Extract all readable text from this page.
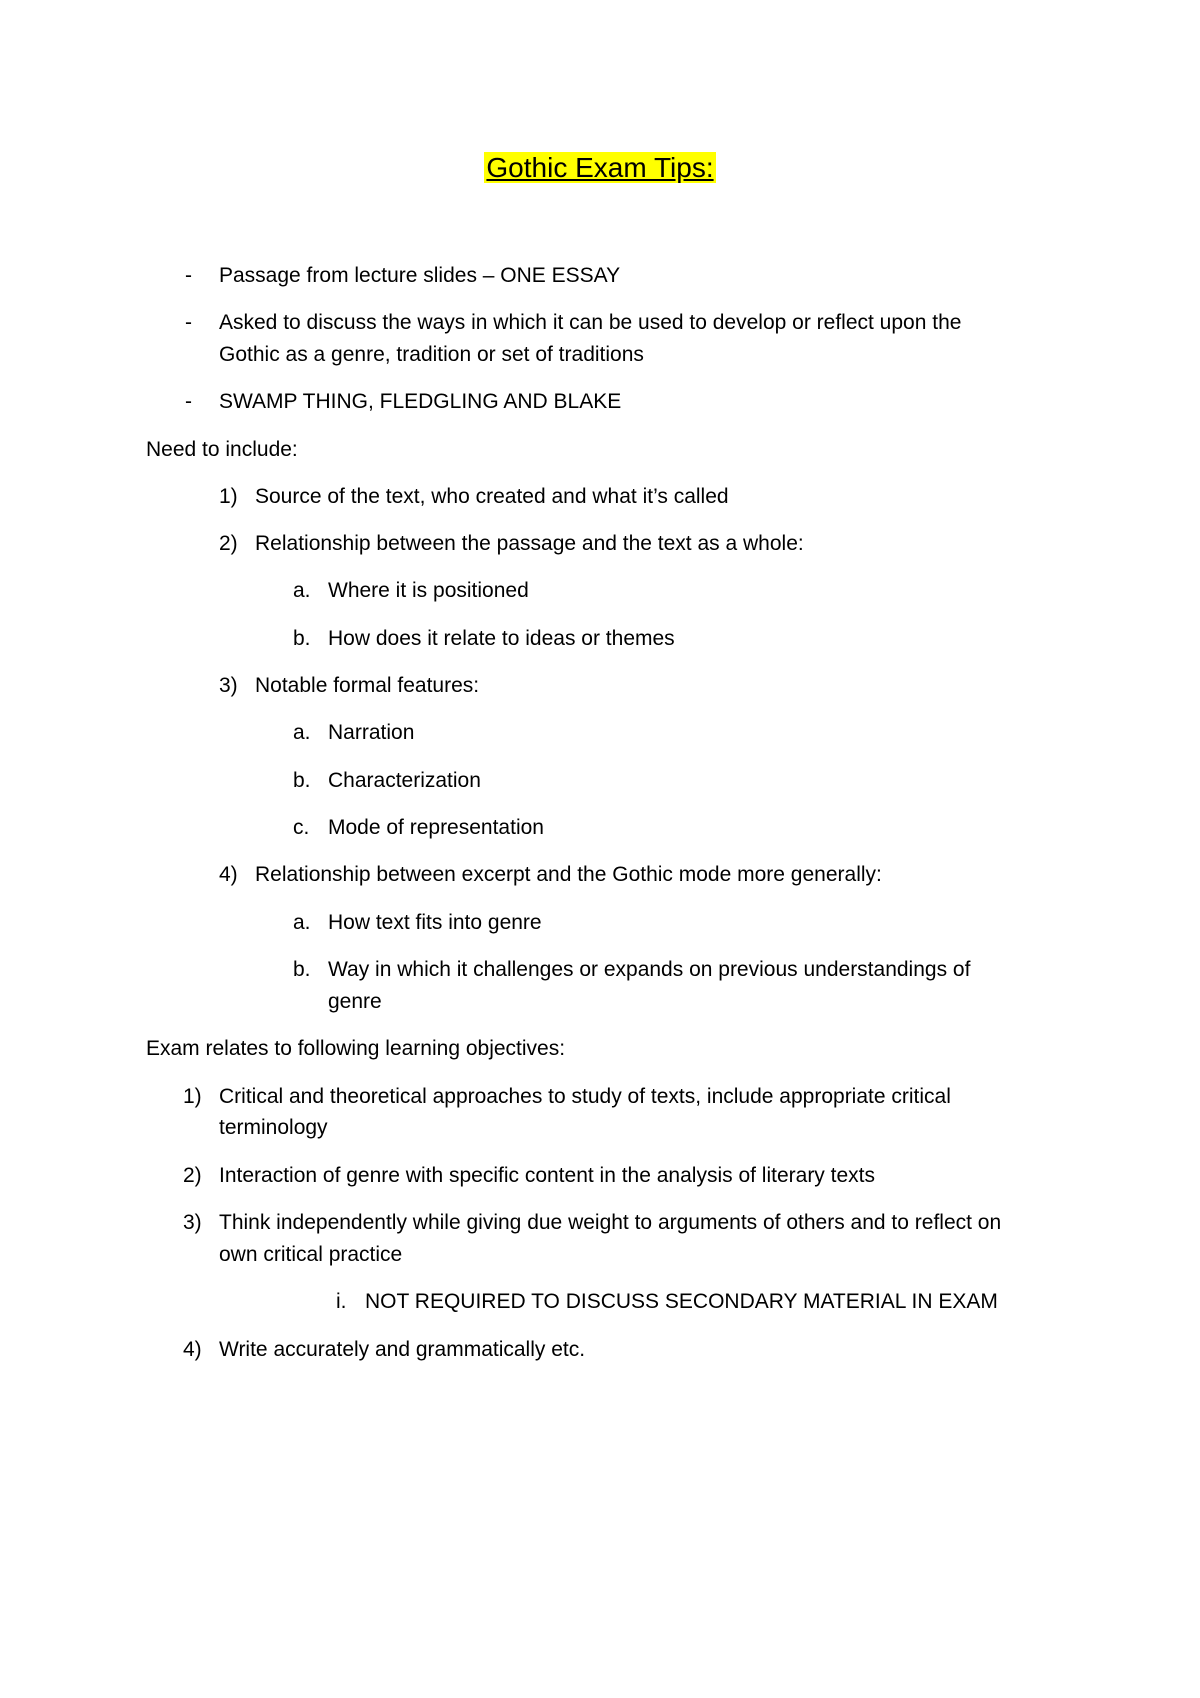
Gothic Exam Tips:
- Passage from lecture slides – ONE ESSAY
- Asked to discuss the ways in which it can be used to develop or reflect upon the
Gothic as a genre, tradition or set of traditions
- SWAMP THING, FLEDGLING AND BLAKE
Need to include:
1) Source of the text, who created and what it’s called
2) Relationship between the passage and the text as a whole:
a. Where it is positioned
b. How does it relate to ideas or themes
3) Notable formal features:
a. Narration
b. Characterization
c. Mode of representation
4) Relationship between excerpt and the Gothic mode more generally:
a. How text fits into genre
b. Way in which it challenges or expands on previous understandings of
genre
Exam relates to following learning objectives:
1) Critical and theoretical approaches to study of texts, include appropriate critical
terminology
2) Interaction of genre with specific content in the analysis of literary texts
3) Think independently while giving due weight to arguments of others and to reflect on
own critical practice
i. NOT REQUIRED TO DISCUSS SECONDARY MATERIAL IN EXAM
4) Write accurately and grammatically etc.
